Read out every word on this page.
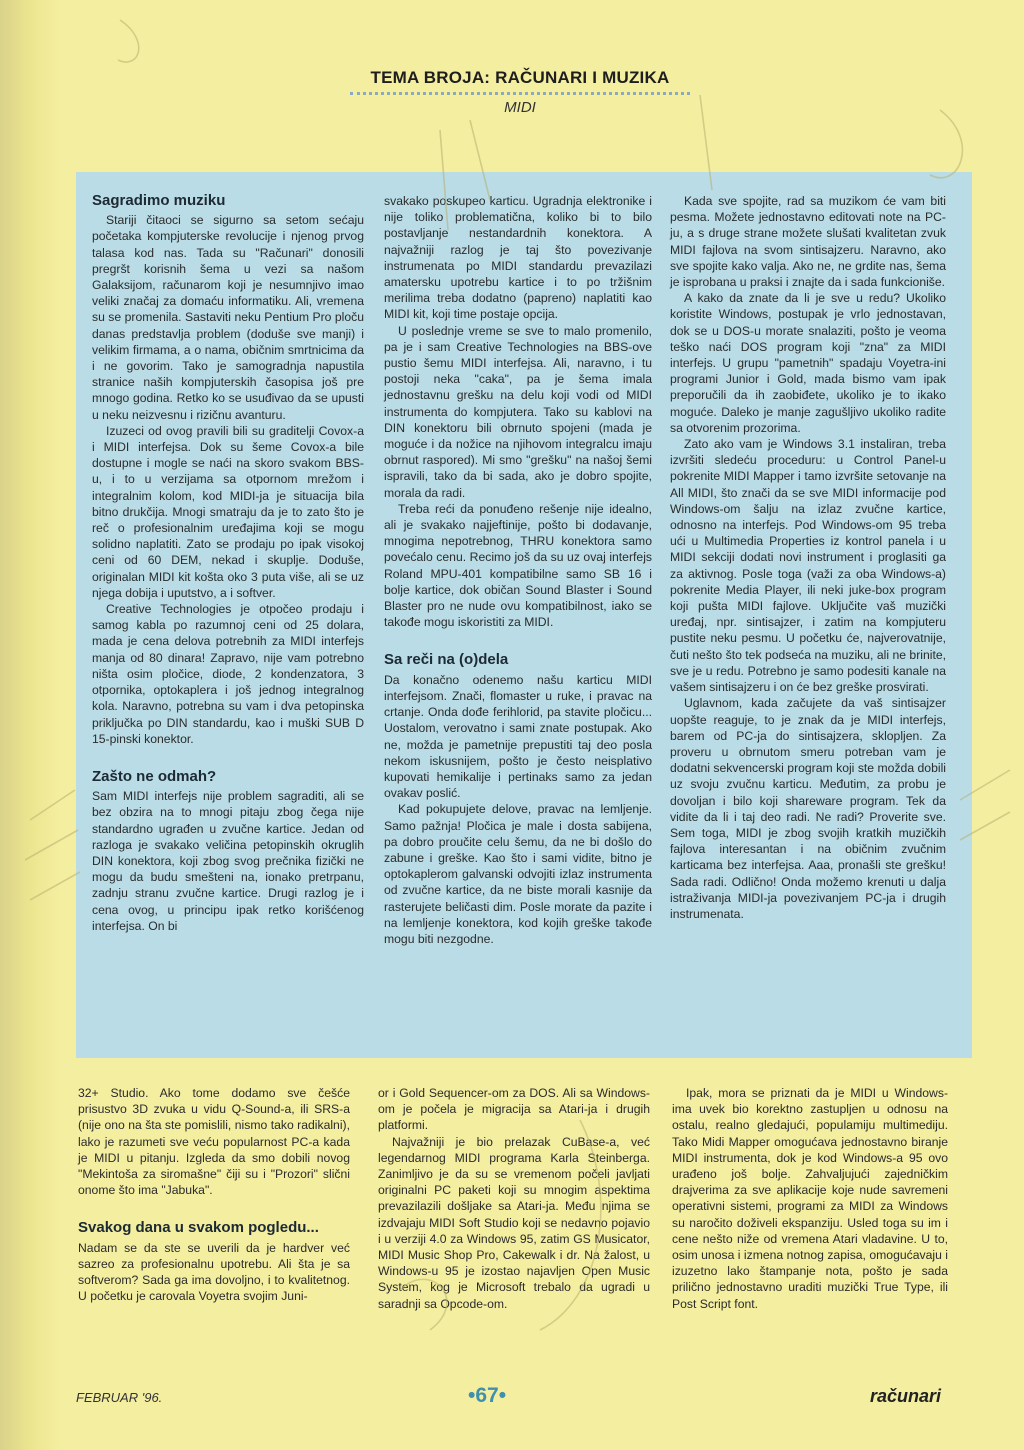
TEMA BROJA: RAČUNARI I MUZIKA
MIDI
Sagradimo muziku

Stariji čitaoci se sigurno sa setom sećaju početaka kompjuterske revolucije i njenog prvog talasa kod nas. Tada su "Računari" donosili pregršt korisnih šema u vezi sa našom Galaksijom, računarom koji je nesumnjivo imao veliki značaj za domaću informatiku. Ali, vremena su se promenila. Sastaviti neku Pentium Pro ploču danas predstavlja problem (doduše sve manji) i velikim firmama, a o nama, običnim smrtnicima da i ne govorim. Tako je samogradnja napustila stranice naših kompjuterskih časopisa još pre mnogo godina. Retko ko se usuđivao da se upusti u neku neizvesnu i rizičnu avanturu.

Izuzeci od ovog pravili bili su graditelji Covox-a i MIDI interfejsa. Dok su šeme Covox-a bile dostupne i mogle se naći na skoro svakom BBS-u, i to u verzijama sa otpornom mrežom i integralnim kolom, kod MIDI-ja je situacija bila bitno drukčija. Mnogi smatraju da je to zato što je reč o profesionalnim uređajima koji se mogu solidno naplatiti. Zato se prodaju po ipak visokoj ceni od 60 DEM, nekad i skuplje. Doduše, originalan MIDI kit košta oko 3 puta više, ali se uz njega dobija i uputstvo, a i softver.

Creative Technologies je otpočeo prodaju i samog kabla po razumnoj ceni od 25 dolara, mada je cena delova potrebnih za MIDI interfejs manja od 80 dinara! Zapravo, nije vam potrebno ništa osim pločice, diode, 2 kondenzatora, 3 otpornika, optokaplera i još jednog integralnog kola. Naravno, potrebna su vam i dva petopinska priključka po DIN standardu, kao i muški SUB D 15-pinski konektor.

Zašto ne odmah?

Sam MIDI interfejs nije problem sagraditi, ali se bez obzira na to mnogi pitaju zbog čega nije standardno ugrađen u zvučne kartice. Jedan od razloga je svakako veličina petopinskih okruglih DIN konektora, koji zbog svog prečnika fizički ne mogu da budu smešteni na, ionako pretrpanu, zadnju stranu zvučne kartice. Drugi razlog je i cena ovog, u principu ipak retko korišćenog interfejsa. On bi

svakako poskupeo karticu. Ugradnja elektronike i nije toliko problematična, koliko bi to bilo postavljanje nestandardnih konektora. A najvažniji razlog je taj što povezivanje instrumenata po MIDI standardu prevazilazi amatersku upotrebu kartice i to po tržišnim merilima treba dodatno (papreno) naplatiti kao MIDI kit, koji time postaje opcija.

U poslednje vreme se sve to malo promenilo, pa je i sam Creative Technologies na BBS-ove pustio šemu MIDI interfejsa. Ali, naravno, i tu postoji neka "caka", pa je šema imala jednostavnu grešku na delu koji vodi od MIDI instrumenta do kompjutera. Tako su kablovi na DIN konektoru bili obrnuto spojeni (mada je moguće i da nožice na njihovom integralcu imaju obrnut raspored). Mi smo "grešku" na našoj šemi ispravili, tako da bi sada, ako je dobro spojite, morala da radi.

Treba reći da ponuđeno rešenje nije idealno, ali je svakako najjeftinije, pošto bi dodavanje, mnogima nepotrebnog, THRU konektora samo povećalo cenu. Recimo još da su uz ovaj interfejs Roland MPU-401 kompatibilne samo SB 16 i bolje kartice, dok običan Sound Blaster i Sound Blaster pro ne nude ovu kompatibilnost, iako se takođe mogu iskoristiti za MIDI.

Sa reči na (o)dela

Da konačno odenemo našu karticu MIDI interfejsom. Znači, flomaster u ruke, i pravac na crtanje. Onda dođe ferihlorid, pa stavite pločicu... Uostalom, verovatno i sami znate postupak. Ako ne, možda je pametnije prepustiti taj deo posla nekom iskusnijem, pošto je često neisplativo kupovati hemikalije i pertinaks samo za jedan ovakav poslić.

Kad pokupujete delove, pravac na lemljenje. Samo pažnja! Pločica je male i dosta sabijena, pa dobro proučite celu šemu, da ne bi došlo do zabune i greške. Kao što i sami vidite, bitno je optokaplerom galvanski odvojiti izlaz instrumenta od zvučne kartice, da ne biste morali kasnije da rasterujete beličasti dim. Posle morate da pazite i na lemljenje konektora, kod kojih greške takođe mogu biti nezgodne.

Kada sve spojite, rad sa muzikom će vam biti pesma. Možete jednostavno editovati note na PC-ju, a s druge strane možete slušati kvalitetan zvuk MIDI fajlova na svom sintisajzeru. Naravno, ako sve spojite kako valja. Ako ne, ne grdite nas, šema je isprobana u praksi i znajte da i sada funkcioniše.

A kako da znate da li je sve u redu? Ukoliko koristite Windows, postupak je vrlo jednostavan, dok se u DOS-u morate snalaziti, pošto je veoma teško naći DOS program koji "zna" za MIDI interfejs. U grupu "pametnih" spadaju Voyetra-ini programi Junior i Gold, mada bismo vam ipak preporučili da ih zaobiđete, ukoliko je to ikako moguće. Daleko je manje zagušljivo ukoliko radite sa otvorenim prozorima.

Zato ako vam je Windows 3.1 instaliran, treba izvršiti sledeću proceduru: u Control Panel-u pokrenite MIDI Mapper i tamo izvršite setovanje na All MIDI, što znači da se sve MIDI informacije pod Windows-om šalju na izlaz zvučne kartice, odnosno na interfejs. Pod Windows-om 95 treba ući u Multimedia Properties iz kontrol panela i u MIDI sekciji dodati novi instrument i proglasiti ga za aktivnog. Posle toga (važi za oba Windows-a) pokrenite Media Player, ili neki juke-box program koji pušta MIDI fajlove. Uključite vaš muzički uređaj, npr. sintisajzer, i zatim na kompjuteru pustite neku pesmu. U početku će, najverovatnije, čuti nešto što tek podseća na muziku, ali ne brinite, sve je u redu. Potrebno je samo podesiti kanale na vašem sintisajzeru i on će bez greške prosvirati.

Uglavnom, kada začujete da vaš sintisajzer uopšte reaguje, to je znak da je MIDI interfejs, barem od PC-ja do sintisajzera, sklopljen. Za proveru u obrnutom smeru potreban vam je dodatni sekvencerski program koji ste možda dobili uz svoju zvučnu karticu. Međutim, za probu je dovoljan i bilo koji shareware program. Tek da vidite da li i taj deo radi. Ne radi? Proverite sve. Sem toga, MIDI je zbog svojih kratkih muzičkih fajlova interesantan i na običnim zvučnim karticama bez interfejsa. Aaa, pronašli ste grešku! Sada radi. Odlično! Onda možemo krenuti u dalja istraživanja MIDI-ja povezivanjem PC-ja i drugih instrumenata.

32+ Studio. Ako tome dodamo sve češće prisustvo 3D zvuka u vidu Q-Sound-a, ili SRS-a (nije ono na šta ste pomislili, nismo tako radikalni), lako je razumeti sve veću popularnost PC-a kada je MIDI u pitanju. Izgleda da smo dobili novog "Mekintoša za siromašne" čiji su i "Prozori" slični onome što ima "Jabuka".

Svakog dana u svakom pogledu...

Nadam se da ste se uverili da je hardver već sazreo za profesionalnu upotrebu. Ali šta je sa softverom? Sada ga ima dovoljno, i to kvalitetnog. U početku je carovala Voyetra svojim Juni-

or i Gold Sequencer-om za DOS. Ali sa Windows-om je počela je migracija sa Atari-ja i drugih platformi.

Najvažniji je bio prelazak CuBase-a, već legendarnog MIDI programa Karla Steinberga. Zanimljivo je da su se vremenom počeli javljati originalni PC paketi koji su mnogim aspektima prevazilazili došljake sa Atari-ja. Među njima se izdvajaju MIDI Soft Studio koji se nedavno pojavio i u verziji 4.0 za Windows 95, zatim GS Musicator, MIDI Music Shop Pro, Cakewalk i dr. Na žalost, u Windows-u 95 je izostao najavljen Open Music System, kog je Microsoft trebalo da ugradi u saradnji sa Opcode-om.

Ipak, mora se priznati da je MIDI u Windows-ima uvek bio korektno zastupljen u odnosu na ostalu, realno gledajući, populamiju multimediju. Tako Midi Mapper omogućava jednostavno biranje MIDI instrumenta, dok je kod Windows-a 95 ovo urađeno još bolje. Zahvaljujući zajedničkim drajverima za sve aplikacije koje nude savremeni operativni sistemi, programi za MIDI za Windows su naročito doživeli ekspanziju. Usled toga su im i cene nešto niže od vremena Atari vladavine. U to, osim unosa i izmena notnog zapisa, omogućavaju i izuzetno lako štampanje nota, pošto je sada prilično jednostavno uraditi muzički True Type, ili Post Script font.

FEBRUAR '96.	•67•	računari
